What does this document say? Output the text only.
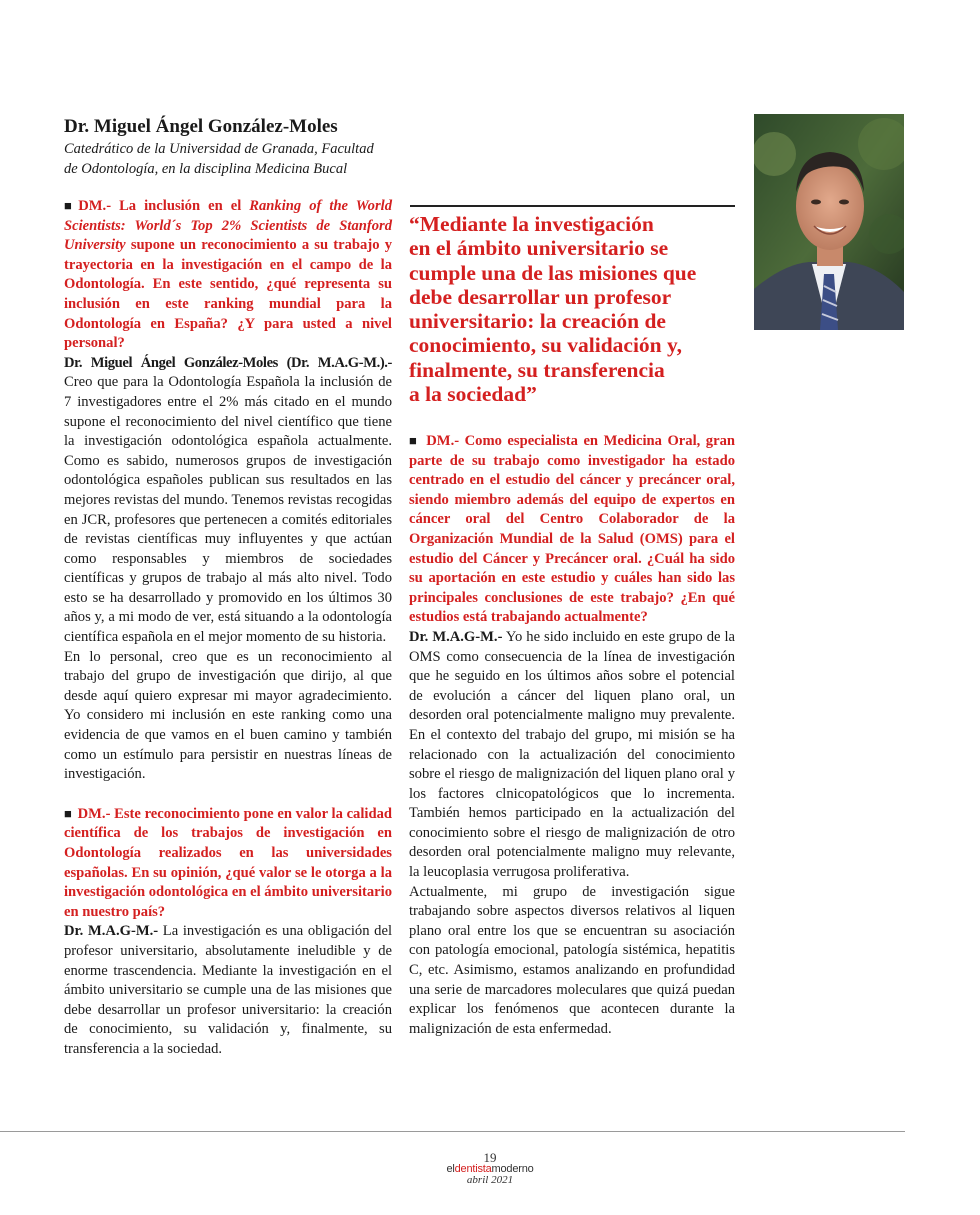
Dr. Miguel Ángel González-Moles
Catedrático de la Universidad de Granada, Facultad
de Odontología, en la disciplina Medicina Bucal

■ DM.- La inclusión en el Ranking of the World Scientists: World´s Top 2% Scientists de Stanford University supone un reconocimiento a su trabajo y trayectoria en la investigación en el campo de la Odontología. En este sentido, ¿qué representa su inclusión en este ranking mundial para la Odontología en España? ¿Y para usted a nivel personal?

Dr. Miguel Ángel González-Moles (Dr. M.A.G-M.).- Creo que para la Odontología Española la inclusión de 7 investigadores entre el 2% más citado en el mundo supone el reconocimiento del nivel científico que tiene la investigación odontológica española actualmente. Como es sabido, numerosos grupos de investigación odontológica españoles publican sus resultados en las mejores revistas del mundo. Tenemos revistas recogidas en JCR, profesores que pertenecen a comités editoriales de revistas científicas muy influyentes y que actúan como responsables y miembros de sociedades científicas y grupos de trabajo al más alto nivel. Todo esto se ha desarrollado y promovido en los últimos 30 años y, a mi modo de ver, está situando a la odontología científica española en el mejor momento de su historia.

En lo personal, creo que es un reconocimiento al trabajo del grupo de investigación que dirijo, al que desde aquí quiero expresar mi mayor agradecimiento. Yo considero mi inclusión en este ranking como una evidencia de que vamos en el buen camino y también como un estímulo para persistir en nuestras líneas de investigación.

■ DM.- Este reconocimiento pone en valor la calidad científica de los trabajos de investigación en Odontología realizados en las universidades españolas. En su opinión, ¿qué valor se le otorga a la investigación odontológica en el ámbito universitario en nuestro país?

Dr. M.A.G-M.- La investigación es una obligación del profesor universitario, absolutamente ineludible y de enorme trascendencia. Mediante la investigación en el ámbito universitario se cumple una de las misiones que debe desarrollar un profesor universitario: la creación de conocimiento, su validación y, finalmente, su transferencia a la sociedad.

“Mediante la investigación
en el ámbito universitario se
cumple una de las misiones que
debe desarrollar un profesor
universitario: la creación de
conocimiento, su validación y,
finalmente, su transferencia
a la sociedad”

■ DM.- Como especialista en Medicina Oral, gran parte de su trabajo como investigador ha estado centrado en el estudio del cáncer y precáncer oral, siendo miembro además del equipo de expertos en cáncer oral del Centro Colaborador de la Organización Mundial de la Salud (OMS) para el estudio del Cáncer y Precáncer oral. ¿Cuál ha sido su aportación en este estudio y cuáles han sido las principales conclusiones de este trabajo? ¿En qué estudios está trabajando actualmente?

Dr. M.A.G-M.- Yo he sido incluido en este grupo de la OMS como consecuencia de la línea de investigación que he seguido en los últimos años sobre el potencial de evolución a cáncer del liquen plano oral, un desorden oral potencialmente maligno muy prevalente. En el contexto del trabajo del grupo, mi misión se ha relacionado con la actualización del conocimiento sobre el riesgo de malignización del liquen plano oral y los factores clnicopatológicos que lo incrementa. También hemos participado en la actualización del conocimiento sobre el riesgo de malignización de otro desorden oral potencialmente maligno muy relevante, la leucoplasia verrugosa proliferativa.

Actualmente, mi grupo de investigación sigue trabajando sobre aspectos diversos relativos al liquen plano oral entre los que se encuentran su asociación con patología emocional, patología sistémica, hepatitis C, etc. Asimismo, estamos analizando en profundidad una serie de marcadores moleculares que quizá puedan explicar los fenómenos que acontecen durante la malignización de esta enfermedad.

19
eldentistamoderno
abril 2021
